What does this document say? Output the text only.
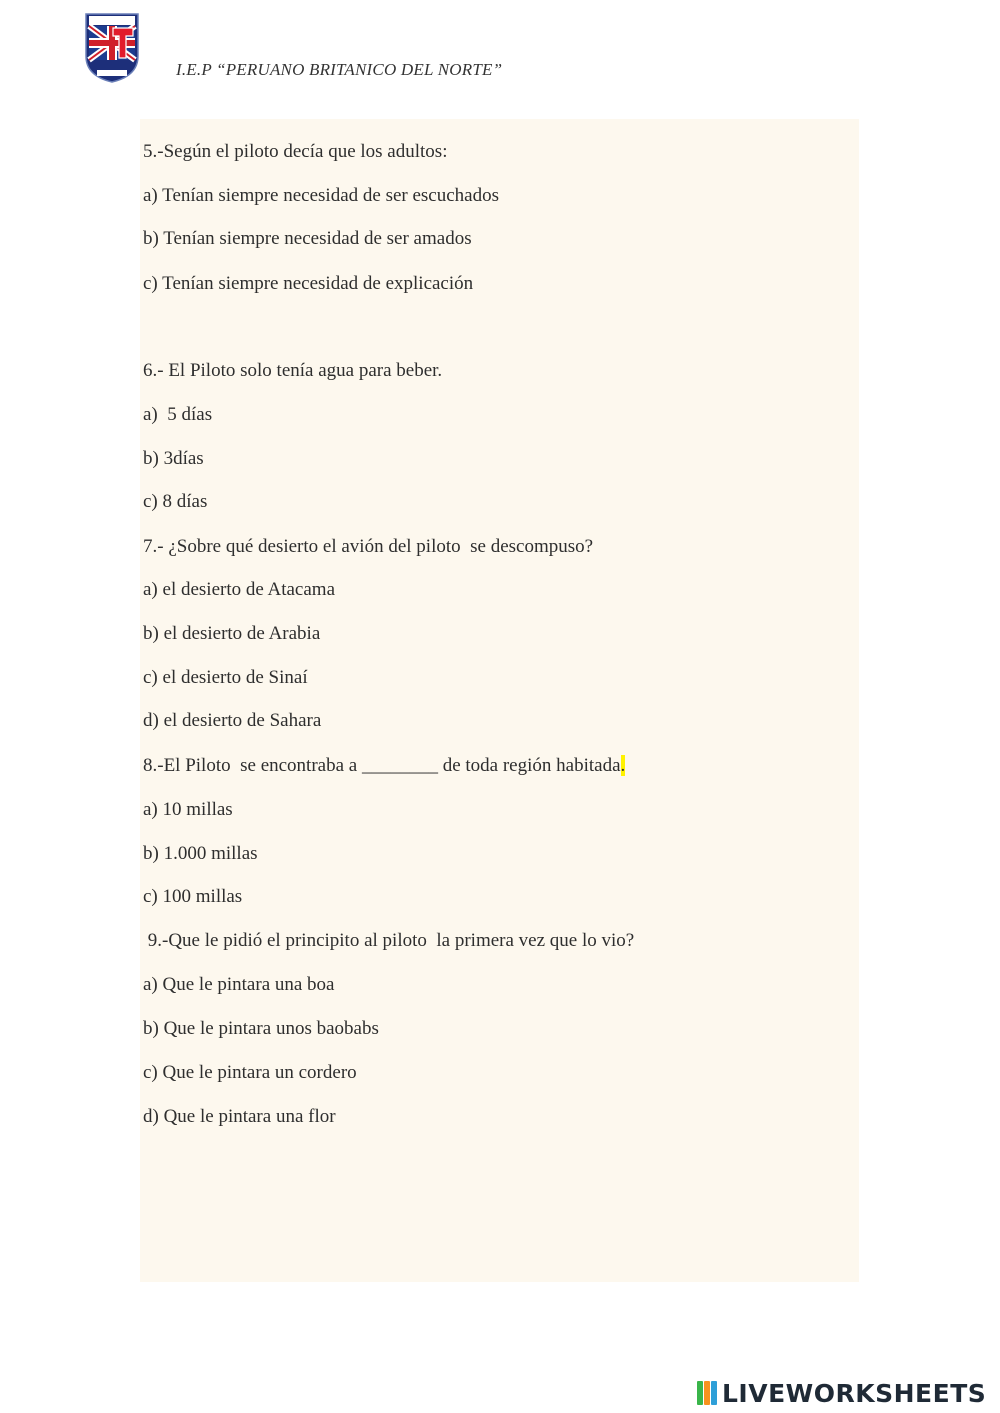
I.E.P “PERUANO BRITANICO DEL NORTE”
5.-Según el piloto decía que los adultos:
a) Tenían siempre necesidad de ser escuchados
b) Tenían siempre necesidad de ser amados
c) Tenían siempre necesidad de explicación
6.- El Piloto solo tenía agua para beber.
a)  5 días
b) 3días
c) 8 días
7.- ¿Sobre qué desierto el avión del piloto  se descompuso?
a) el desierto de Atacama
b) el desierto de Arabia
c) el desierto de Sinaí
d) el desierto de Sahara
8.-El Piloto  se encontraba a ________ de toda región habitada.
a) 10 millas
b) 1.000 millas
c) 100 millas
9.-Que le pidió el principito al piloto  la primera vez que lo vio?
a) Que le pintara una boa
b) Que le pintara unos baobabs
c) Que le pintara un cordero
d) Que le pintara una flor
LIVEWORKSHEETS
